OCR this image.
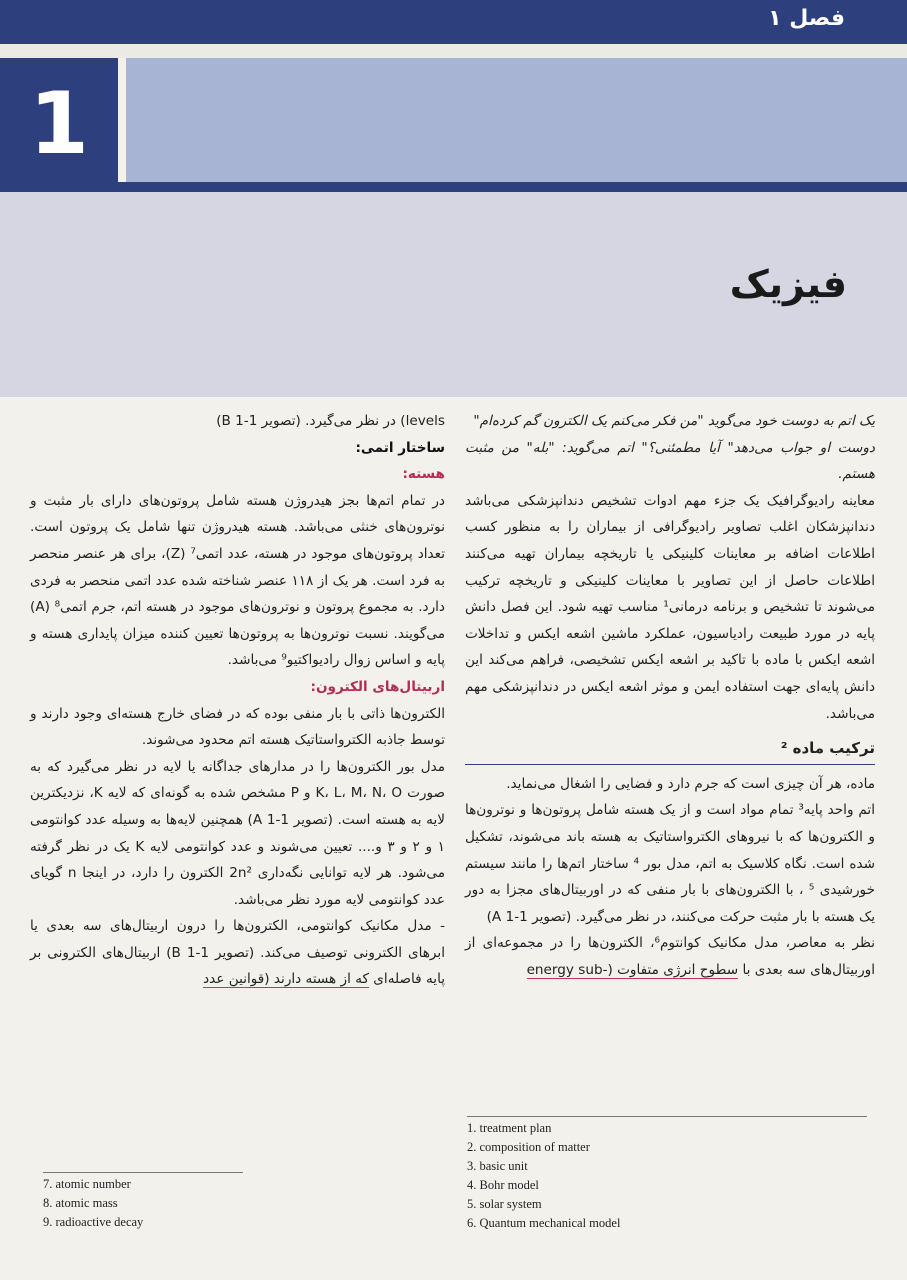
فصل ۱
1
فیزیک

یک اتم به دوست خود می‌گوید "من فکر می‌کنم یک الکترون گم کرده‌ام"

دوست او جواب می‌دهد" آیا مطمئنی؟" اتم می‌گوید: "بله" من مثبت هستم.

معاینه رادیوگرافیک یک جزء مهم ادوات تشخیص دندانپزشکی می‌باشد دندانپزشکان اغلب تصاویر رادیوگرافی از بیماران را به منظور کسب اطلاعات اضافه بر معاینات کلینیکی یا تاریخچه بیماران تهیه می‌کنند اطلاعات حاصل از این تصاویر با معاینات کلینیکی و تاریخچه ترکیب می‌شوند تا تشخیص و برنامه درمانی¹ مناسب تهیه شود. این فصل دانش پایه در مورد طبیعت رادیاسیون، عملکرد ماشین اشعه ایکس و تداخلات اشعه ایکس با ماده با تاکید بر اشعه ایکس تشخیصی، فراهم می‌کند این دانش پایه‌ای جهت استفاده ایمن و موثر اشعه ایکس در دندانپزشکی مهم می‌باشد.

ترکیب ماده ²

ماده، هر آن چیزی است که جرم دارد و فضایی را اشغال می‌نماید.

اتم واحد پایه³ تمام مواد است و از یک هسته شامل پروتون‌ها و نوترون‌ها و الکترون‌ها که با نیروهای الکترواستاتیک به هسته باند می‌شوند، تشکیل شده است. نگاه کلاسیک به اتم، مدل بور ⁴ ساختار اتم‌ها را مانند سیستم خورشیدی ⁵ ، با الکترون‌های با بار منفی که در اوربیتال‌های مجزا به دور یک هسته با بار مثبت حرکت می‌کنند، در نظر می‌گیرد. (تصویر A ‎1-1)

نظر به معاصر، مدل مکانیک کوانتوم⁶، الکترون‌ها را در مجموعه‌ای از اوربیتال‌های سه بعدی با سطوح انرژی متفاوت (-energy sub

1. treatment plan
2. composition of matter
3. basic unit
4. Bohr model
5. solar system
6. Quantum mechanical model

levels) در نظر می‌گیرد. (تصویر B ‎1-1)

ساختار اتمی:

هسته:

در تمام اتم‌ها بجز هیدروژن هسته شامل پروتون‌های دارای بار مثبت و نوترون‌های خنثی می‌باشد. هسته هیدروژن تنها شامل یک پروتون است. تعداد پروتون‌های موجود در هسته، عدد اتمی⁷ (Z)، برای هر عنصر منحصر به فرد است. هر یک از ۱۱۸ عنصر شناخته شده عدد اتمی منحصر به فردی دارد. به مجموع پروتون و نوترون‌های موجود در هسته اتم، جرم اتمی⁸ (A) می‌گویند. نسبت نوترون‌ها به پروتون‌ها تعیین کننده میزان پایداری هسته و پایه و اساس زوال رادیواکتیو⁹ می‌باشد.

اربیتال‌های الکترون:

الکترون‌ها ذاتی با بار منفی بوده که در فضای خارج هسته‌ای وجود دارند و توسط جاذبه الکترواستاتیک هسته اتم محدود می‌شوند.

مدل بور الکترون‌ها را در مدارهای جداگانه یا لایه در نظر می‌گیرد که به صورت K، L، M، N، O و P مشخص شده به گونه‌ای که لایه K، نزدیکترین لایه به هسته است. (تصویر A ‎1-1) همچنین لایه‌ها به وسیله عدد کوانتومی ۱ و ۲ و ۳ و.... تعیین می‌شوند و عدد کوانتومی لایه K یک در نظر گرفته می‌شود. هر لایه توانایی نگه‌داری 2n² الکترون را دارد، در اینجا n گویای عدد کوانتومی لایه مورد نظر می‌باشد.

- مدل مکانیک کوانتومی، الکترون‌ها را درون اربیتال‌های سه بعدی یا ابرهای الکترونی توصیف می‌کند. (تصویر B ‎1-1) اربیتال‌های الکترونی بر پایه فاصله‌ای که از هسته دارند (قوانین عدد

7. atomic number
8. atomic mass
9. radioactive decay
